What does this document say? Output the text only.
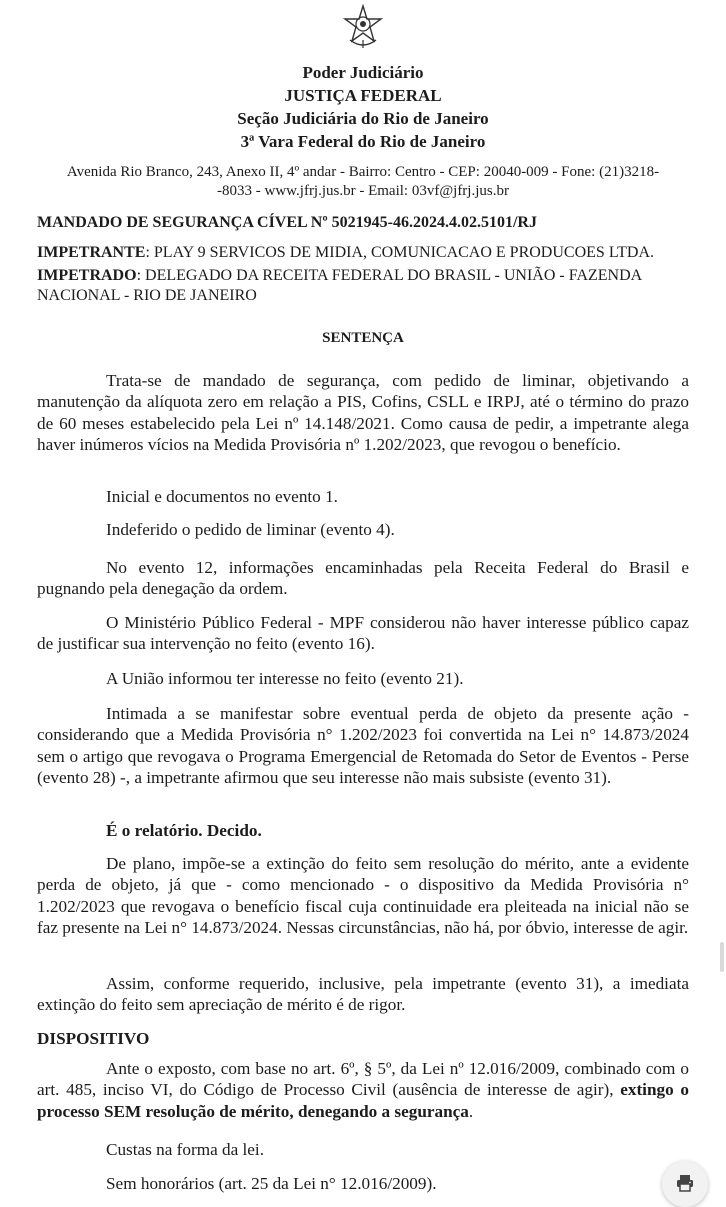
Poder Judiciário
JUSTIÇA FEDERAL
Seção Judiciária do Rio de Janeiro
3ª Vara Federal do Rio de Janeiro
Avenida Rio Branco, 243, Anexo II, 4º andar - Bairro: Centro - CEP: 20040-009 - Fone: (21)3218-
-8033 - www.jfrj.jus.br - Email: 03vf@jfrj.jus.br
MANDADO DE SEGURANÇA CÍVEL Nº 5021945-46.2024.4.02.5101/RJ
IMPETRANTE: PLAY 9 SERVICOS DE MIDIA, COMUNICACAO E PRODUCOES LTDA.
IMPETRADO: DELEGADO DA RECEITA FEDERAL DO BRASIL - UNIÃO - FAZENDA
NACIONAL - RIO DE JANEIRO
SENTENÇA
Trata-se de mandado de segurança, com pedido de liminar, objetivando a manutenção da alíquota zero em relação a PIS, Cofins, CSLL e IRPJ, até o término do prazo de 60 meses estabelecido pela Lei nº 14.148/2021. Como causa de pedir, a impetrante alega haver inúmeros vícios na Medida Provisória nº 1.202/2023, que revogou o benefício.
Inicial e documentos no evento 1.
Indeferido o pedido de liminar (evento 4).
No evento 12, informações encaminhadas pela Receita Federal do Brasil e pugnando pela denegação da ordem.
O Ministério Público Federal - MPF considerou não haver interesse público capaz de justificar sua intervenção no feito (evento 16).
A União informou ter interesse no feito (evento 21).
Intimada a se manifestar sobre eventual perda de objeto da presente ação - considerando que a Medida Provisória n° 1.202/2023 foi convertida na Lei n° 14.873/2024 sem o artigo que revogava o Programa Emergencial de Retomada do Setor de Eventos - Perse (evento 28) -, a impetrante afirmou que seu interesse não mais subsiste (evento 31).
É o relatório. Decido.
De plano, impõe-se a extinção do feito sem resolução do mérito, ante a evidente perda de objeto, já que - como mencionado - o dispositivo da Medida Provisória n° 1.202/2023 que revogava o benefício fiscal cuja continuidade era pleiteada na inicial não se faz presente na Lei n° 14.873/2024. Nessas circunstâncias, não há, por óbvio, interesse de agir.
Assim, conforme requerido, inclusive, pela impetrante (evento 31), a imediata extinção do feito sem apreciação de mérito é de rigor.
DISPOSITIVO
Ante o exposto, com base no art. 6º, § 5º, da Lei nº 12.016/2009, combinado com o art. 485, inciso VI, do Código de Processo Civil (ausência de interesse de agir), extingo o processo SEM resolução de mérito, denegando a segurança.
Custas na forma da lei.
Sem honorários (art. 25 da Lei n° 12.016/2009).
